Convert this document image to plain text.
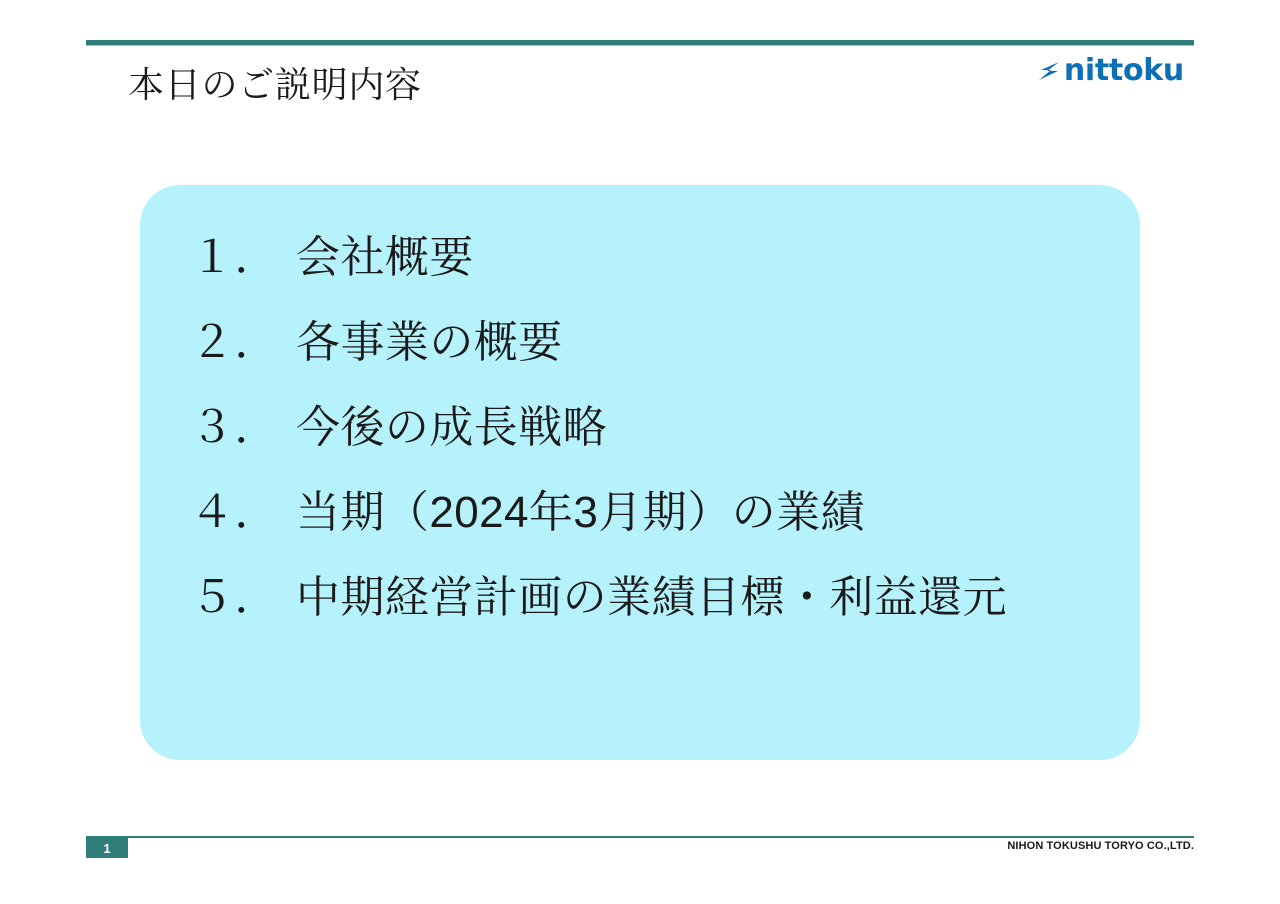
本日のご説明内容	nittoku
１． 会社概要
２． 各事業の概要
３． 今後の成長戦略
４． 当期（2024年3月期）の業績
５． 中期経営計画の業績目標・利益還元
1	NIHON TOKUSHU TORYO CO.,LTD.
